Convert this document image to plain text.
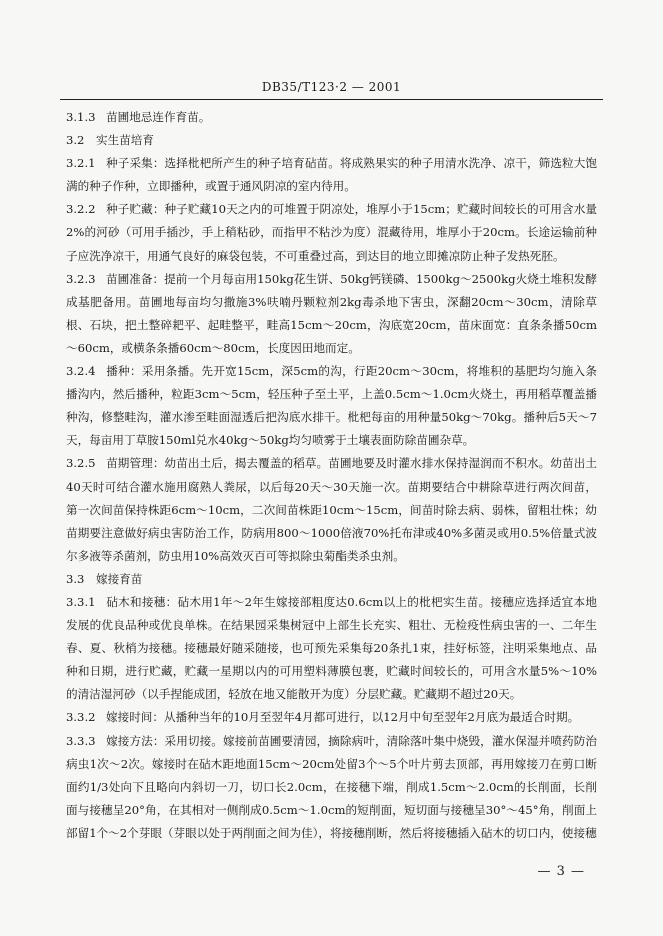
DB35/T123·2 — 2001

3.1.3 苗圃地忌连作育苗。

3.2 实生苗培育

3.2.1 种子采集：选择枇杷所产生的种子培育砧苗。将成熟果实的种子用清水洗净、凉干，筛选粒大饱满的种子作种，立即播种，或置于通风阴凉的室内待用。

3.2.2 种子贮藏：种子贮藏10天之内的可堆置于阴凉处，堆厚小于15cm；贮藏时间较长的可用含水量2%的河砂（可用手插沙，手上稍粘砂，而指甲不粘沙为度）混藏待用，堆厚小于20cm。长途运输前种子应洗净凉干，用通气良好的麻袋包装，不可重叠过高，到达目的地立即摊凉防止种子发热死胚。

3.2.3 苗圃准备：提前一个月每亩用150kg花生饼、50kg钙镁磷、1500kg～2500kg火烧土堆积发酵成基肥备用。苗圃地每亩均匀撒施3%呋喃丹颗粒剂2kg毒杀地下害虫，深翻20cm～30cm，清除草根、石块，把土整碎耙平、起畦整平，畦高15cm～20cm，沟底宽20cm，苗床面宽：直条条播50cm～60cm，或横条条播60cm～80cm，长度因田地而定。

3.2.4 播种：采用条播。先开宽15cm，深5cm的沟，行距20cm～30cm，将堆积的基肥均匀施入条播沟内，然后播种，粒距3cm～5cm，轻压种子至土平，上盖0.5cm～1.0cm火烧土，再用稻草覆盖播种沟，修整畦沟，灌水渗至畦面湿透后把沟底水排干。枇杷每亩的用种量50kg～70kg。播种后5天～7天，每亩用丁草胺150ml兑水40kg～50kg均匀喷雾于土壤表面防除苗圃杂草。

3.2.5 苗期管理：幼苗出土后，揭去覆盖的稻草。苗圃地要及时灌水排水保持湿润而不积水。幼苗出土40天时可结合灌水施用腐熟人粪尿，以后每20天～30天施一次。苗期要结合中耕除草进行两次间苗，第一次间苗保持株距6cm～10cm，二次间苗株距10cm～15cm，间苗时除去病、弱株，留粗壮株；幼苗期要注意做好病虫害防治工作，防病用800～1000倍液70%托布津或40%多菌灵或用0.5%倍量式波尔多液等杀菌剂，防虫用10%高效灭百可等拟除虫菊酯类杀虫剂。

3.3 嫁接育苗

3.3.1 砧木和接穗：砧木用1年～2年生嫁接部粗度达0.6cm以上的枇杷实生苗。接穗应选择适宜本地发展的优良品种或优良单株。在结果园采集树冠中上部生长充实、粗壮、无检疫性病虫害的一、二年生春、夏、秋梢为接穗。接穗最好随采随接，也可预先采集每20条扎1束，挂好标签，注明采集地点、品种和日期，进行贮藏，贮藏一星期以内的可用塑料薄膜包裹，贮藏时间较长的，可用含水量5%～10%的清洁湿河砂（以手捏能成团，轻放在地又能散开为度）分层贮藏。贮藏期不超过20天。

3.3.2 嫁接时间：从播种当年的10月至翌年4月都可进行，以12月中旬至翌年2月底为最适合时期。

3.3.3 嫁接方法：采用切接。嫁接前苗圃要清园，摘除病叶，清除落叶集中烧毁，灌水保湿并喷药防治病虫1次～2次。嫁接时在砧木距地面15cm～20cm处留3个～5个叶片剪去顶部，再用嫁接刀在剪口断面约1/3处向下且略向内斜切一刀，切口长2.0cm，在接穗下端，削成1.5cm～2.0cm的长削面，长削面与接穗呈20°角，在其相对一侧削成0.5cm～1.0cm的短削面，短切面与接穗呈30°～45°角，削面上部留1个～2个芽眼（芽眼以处于两削面之间为佳），将接穗削断，然后将接穗插入砧木的切口内，使接穗

— 3 —
